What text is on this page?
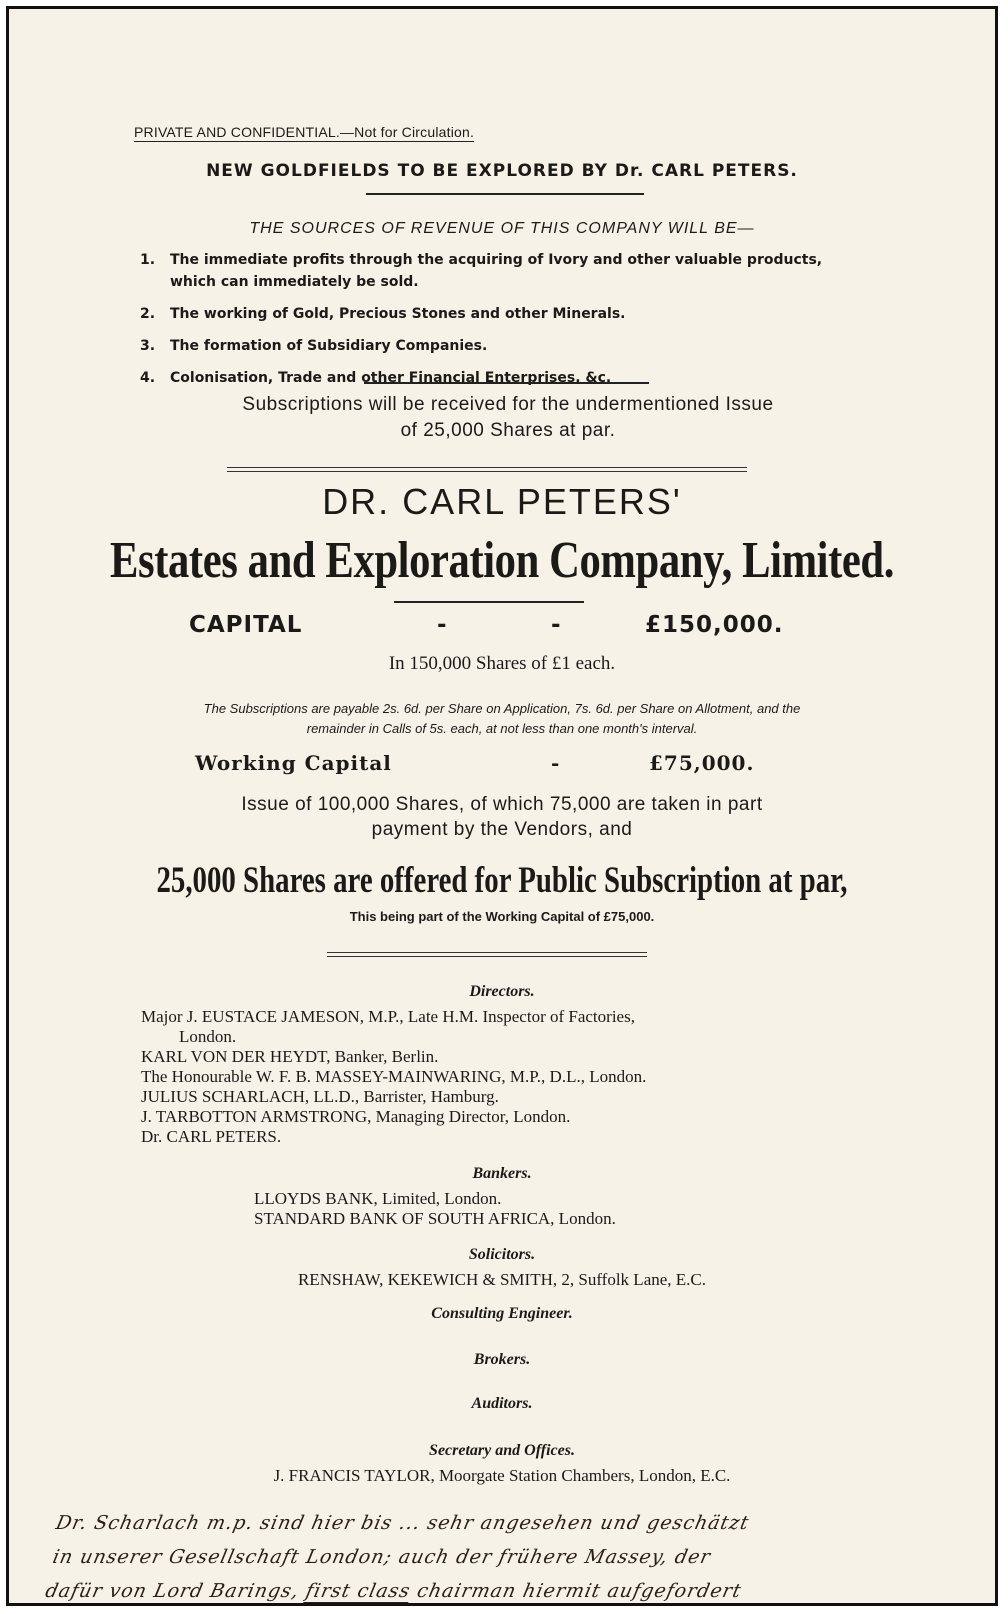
PRIVATE AND CONFIDENTIAL.—Not for Circulation.
NEW GOLDFIELDS TO BE EXPLORED BY Dr. CARL PETERS.
THE SOURCES OF REVENUE OF THIS COMPANY WILL BE—
1.	The immediate profits through the acquiring of Ivory and other valuable products, which can immediately be sold.
2.	The working of Gold, Precious Stones and other Minerals.
3.	The formation of Subsidiary Companies.
4.	Colonisation, Trade and other Financial Enterprises, &c.
Subscriptions will be received for the undermentioned Issue
of 25,000 Shares at par.
DR. CARL PETERS'
Estates and Exploration Company, Limited.
CAPITAL	-	-	£150,000.
In 150,000 Shares of £1 each.
The Subscriptions are payable 2s. 6d. per Share on Application, 7s. 6d. per Share on Allotment, and the
remainder in Calls of 5s. each, at not less than one month's interval.
Working Capital	-	£75,000.
Issue of 100,000 Shares, of which 75,000 are taken in part
payment by the Vendors, and
25,000 Shares are offered for Public Subscription at par,
This being part of the Working Capital of £75,000.
Directors.
Major J. EUSTACE JAMESON, M.P., Late H.M. Inspector of Factories,
London.
KARL VON DER HEYDT, Banker, Berlin.
The Honourable W. F. B. MASSEY-MAINWARING, M.P., D.L., London.
JULIUS SCHARLACH, LL.D., Barrister, Hamburg.
J. TARBOTTON ARMSTRONG, Managing Director, London.
Dr. CARL PETERS.
Bankers.
LLOYDS BANK, Limited, London.
STANDARD BANK OF SOUTH AFRICA, London.
Solicitors.
RENSHAW, KEKEWICH & SMITH, 2, Suffolk Lane, E.C.
Consulting Engineer.
Brokers.
Auditors.
Secretary and Offices.
J. FRANCIS TAYLOR, Moorgate Station Chambers, London, E.C.
Dr. Scharlach m.p. sind hier bis ... sehr angesehen und geschätzt
in unserer Gesellschaft London; auch der frühere Massey, der
dafür von Lord Barings, first class chairman hiermit aufgefordert
